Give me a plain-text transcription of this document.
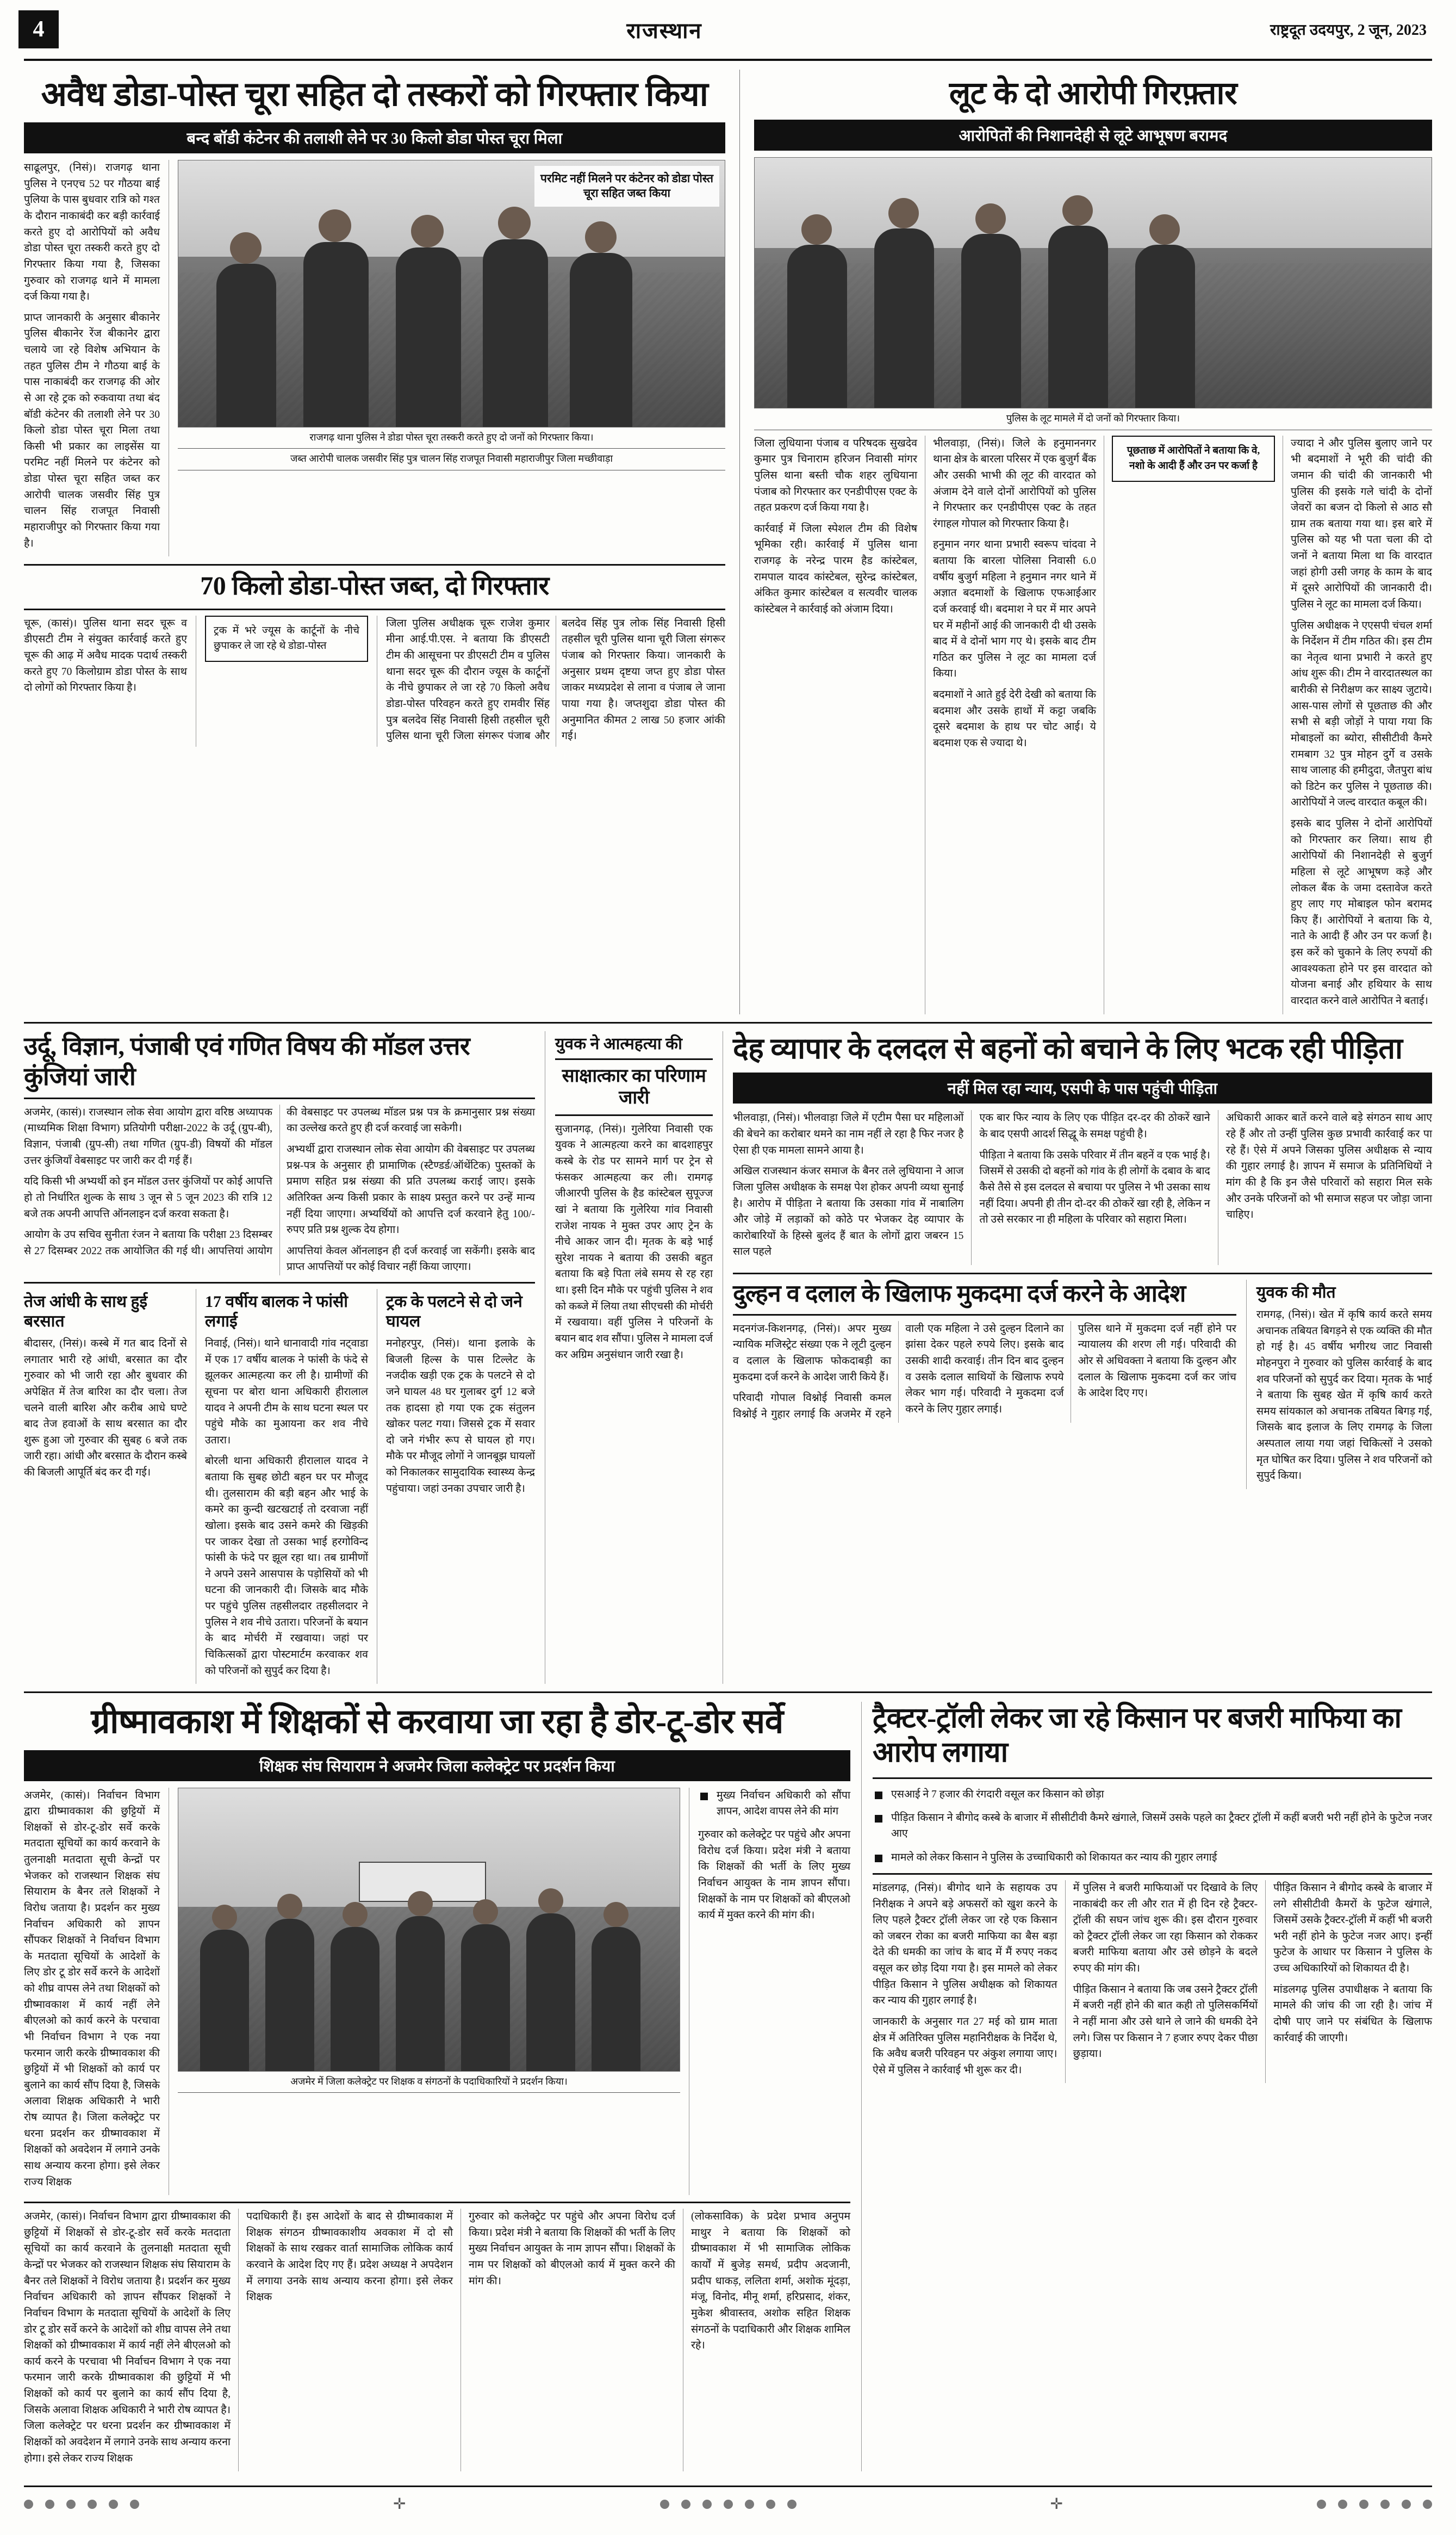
4	राजस्थान	राष्ट्रदूत उदयपुर, 2 जून, 2023
अवैध डोडा-पोस्त चूरा सहित दो तस्करों को गिरफ्तार किया
बन्द बॉडी कंटेनर की तलाशी लेने पर 30 किलो डोडा पोस्त चूरा मिला

साढूलपुर, (निसं)। राजगढ़ थाना पुलिस ने एनएच 52 पर गौठया बाई पुलिया के पास बुधवार रात्रि को गश्त के दौरान नाकाबंदी कर बड़ी कार्रवाई करते हुए दो आरोपियों को अवैध डोडा पोस्त चूरा तस्करी करते हुए दो गिरफ्तार किया गया है, जिसका गुरुवार को राजगढ़ थाने में मामला दर्ज किया गया है।

प्राप्त जानकारी के अनुसार बीकानेर पुलिस बीकानेर रेंज बीकानेर द्वारा चलाये जा रहे विशेष अभियान के तहत पुलिस टीम ने गौठया बाई के पास नाकाबंदी कर राजगढ़ की ओर से आ रहे ट्रक को रुकवाया तथा बंद बॉडी कंटेनर की तलाशी लेने पर 30 किलो डोडा पोस्त चूरा मिला तथा किसी भी प्रकार का लाइसेंस या परमिट नहीं मिलने पर कंटेनर को डोडा पोस्त चूरा सहित जब्त कर आरोपी चालक जसवीर सिंह पुत्र चालन सिंह राजपूत निवासी महाराजीपुर को गिरफ्तार किया गया है।

परमिट नहीं मिलने पर कंटेनर को डोडा पोस्त चूरा सहित जब्त किया
राजगढ़ थाना पुलिस ने डोडा पोस्त चूरा तस्करी करते हुए दो जनों को गिरफ्तार किया।
जब्त आरोपी चालक जसवीर सिंह पुत्र चालन सिंह राजपूत निवासी महाराजीपुर जिला मच्छीवाड़ा
70 किलो डोडा-पोस्त जब्त, दो गिरफ्तार

चूरू, (कासं)। पुलिस थाना सदर चूरू व डीएसटी टीम ने संयुक्त कार्रवाई करते हुए चूरू की आढ़ में अवैध मादक पदार्थ तस्करी करते हुए 70 किलोग्राम डोडा पोस्त के साथ दो लोगों को गिरफ्तार किया है।

ट्रक में भरे ज्यूस के कार्टूनों के नीचे छुपाकर ले जा रहे थे डोडा-पोस्त

जिला पुलिस अधीक्षक चूरू राजेश कुमार मीना आई.पी.एस. ने बताया कि डीएसटी टीम की आसूचना पर डीएसटी टीम व पुलिस थाना सदर चूरू की दौरान ज्यूस के कार्टूनों के नीचे छुपाकर ले जा रहे 70 किलो अवैध डोडा-पोस्त परिवहन करते हुए रामवीर सिंह पुत्र बलदेव सिंह निवासी हिसी तहसील चूरी पुलिस थाना चूरी जिला संगरूर पंजाब और बलदेव सिंह पुत्र लोक सिंह निवासी हिसी तहसील चूरी पुलिस थाना चूरी जिला संगरूर पंजाब को गिरफ्तार किया। जानकारी के अनुसार प्रथम दृष्टया जप्त हुए डोडा पोस्त जाकर मध्यप्रदेश से लाना व पंजाब ले जाना पाया गया है। जप्तशुदा डोडा पोस्त की अनुमानित कीमत 2 लाख 50 हजार आंकी गई।

लूट के दो आरोपी गिरफ़्तार
आरोपितों की निशानदेही से लूटे आभूषण बरामद
पुलिस के लूट मामले में दो जनों को गिरफ्तार किया।

जिला लुधियाना पंजाब व परिषदक सुखदेव कुमार पुत्र चिनाराम हरिजन निवासी मांगर पुलिस थाना बस्ती चौक शहर लुधियाना पंजाब को गिरफ्तार कर एनडीपीएस एक्ट के तहत प्रकरण दर्ज किया गया है।

कार्रवाई में जिला स्पेशल टीम की विशेष भूमिका रही। कार्रवाई में पुलिस थाना राजगढ़ के नरेन्द्र पारम हैड कांस्टेबल, रामपाल यादव कांस्टेबल, सुरेन्द्र कांस्टेबल, अंकित कुमार कांस्टेबल व सत्यवीर चालक कांस्टेबल ने कार्रवाई को अंजाम दिया।

भीलवाड़ा, (निसं)। जिले के हनुमाननगर थाना क्षेत्र के बारला परिसर में एक बुजुर्ग बैंक और उसकी भाभी की लूट की वारदात को अंजाम देने वाले दोनों आरोपियों को पुलिस ने गिरफ्तार कर एनडीपीएस एक्ट के तहत रंगाहल गोपाल को गिरफ्तार किया है।

हनुमान नगर थाना प्रभारी स्वरूप चांदवा ने बताया कि बारला पोलिसा निवासी 6.0 वर्षीय बुजुर्ग महिला ने हनुमान नगर थाने में अज्ञात बदमाशों के खिलाफ एफआईआर दर्ज करवाई थी। बदमाश ने घर में मार अपने घर में महीनों आई की जानकारी दी थी उसके बाद में वे दोनों भाग गए थे। इसके बाद टीम गठित कर पुलिस ने लूट का मामला दर्ज किया।

बदमाशों ने आते हुई देरी देखी को बताया कि बदमाश और उसके हाथों में कट्टा जबकि दूसरे बदमाश के हाथ पर चोट आई। ये बदमाश एक से ज्यादा थे।

पूछताछ में आरोपितों ने बताया कि वे, नशो के आदी हैं और उन पर कर्जा है

ज्यादा ने और पुलिस बुलाए जाने पर भी बदमाशों ने भूरी की चांदी की जमान की चांदी की जानकारी भी पुलिस की इसके गले चांदी के दोनों जेवरों का बजन दो किलो से आठ सौ ग्राम तक बताया गया था। इस बारे में पुलिस को यह भी पता चला की दो जनों ने बताया मिला था कि वारदात जहां होगी उसी जगह के काम के बाद में दूसरे आरोपियों की जानकारी दी। पुलिस ने लूट का मामला दर्ज किया।

पुलिस अधीक्षक ने एएसपी चंचल शर्मा के निर्देशन में टीम गठित की। इस टीम का नेतृत्व थाना प्रभारी ने करते हुए आंध शुरू की। टीम ने वारदातस्थल का बारीकी से निरीक्षण कर साक्ष्य जुटाये। आस-पास लोगों से पूछताछ की और सभी से बड़ी जोड़ों ने पाया गया कि मोबाइलों का ब्योरा, सीसीटीवी कैमरे रामबाग 32 पुत्र मोहन दुर्गे व उसके साथ जालाह की हमीदुदा, जैतपुरा बांध को डिटेन कर पुलिस ने पूछताछ की। आरोपियों ने जल्द वारदात कबूल की।

इसके बाद पुलिस ने दोनों आरोपियों को गिरफ्तार कर लिया। साथ ही आरोपियों की निशानदेही से बुजुर्ग महिला से लूटे आभूषण कड़े और लोकल बैंक के जमा दस्तावेज करते हुए लाए गए मोबाइल फोन बरामद किए हैं। आरोपियों ने बताया कि ये, नाते के आदी हैं और उन पर कर्जा है। इस करें को चुकाने के लिए रुपयों की आवश्यकता होने पर इस वारदात को योजना बनाई और हथियार के साथ वारदात करने वाले आरोपित ने बताई।

उर्दू, विज्ञान, पंजाबी एवं गणित विषय की मॉडल उत्तर कुंजियां जारी

अजमेर, (कासं)। राजस्थान लोक सेवा आयोग द्वारा वरिष्ठ अध्यापक (माध्यमिक शिक्षा विभाग) प्रतियोगी परीक्षा-2022 के उर्दू (ग्रुप-बी), विज्ञान, पंजाबी (ग्रुप-सी) तथा गणित (ग्रुप-डी) विषयों की मॉडल उत्तर कुंजियाँ वेबसाइट पर जारी कर दी गई हैं।

यदि किसी भी अभ्यर्थी को इन मॉडल उत्तर कुंजियों पर कोई आपत्ति हो तो निर्धारित शुल्क के साथ 3 जून से 5 जून 2023 की रात्रि 12 बजे तक अपनी आपत्ति ऑनलाइन दर्ज करवा सकता है।

आयोग के उप सचिव सुनीता रंजन ने बताया कि परीक्षा 23 दिसम्बर से 27 दिसम्बर 2022 तक आयोजित की गई थी। आपत्तियां आयोग की वेबसाइट पर उपलब्ध मॉडल प्रश्न पत्र के क्रमानुसार प्रश्न संख्या का उल्लेख करते हुए ही दर्ज करवाई जा सकेगी।

अभ्यर्थी द्वारा राजस्थान लोक सेवा आयोग की वेबसाइट पर उपलब्ध प्रश्न-पत्र के अनुसार ही प्रामाणिक (स्टैण्डर्ड/ऑथेंटिक) पुस्तकों के प्रमाण सहित प्रश्न संख्या की प्रति उपलब्ध कराई जाए। इसके अतिरिक्त अन्य किसी प्रकार के साक्ष्य प्रस्तुत करने पर उन्हें मान्य नहीं दिया जाएगा। अभ्यर्थियों को आपत्ति दर्ज करवाने हेतु 100/- रुपए प्रति प्रश्न शुल्क देय होगा।

आपत्तियां केवल ऑनलाइन ही दर्ज करवाई जा सकेंगी। इसके बाद प्राप्त आपत्तियों पर कोई विचार नहीं किया जाएगा।

तेज आंधी के साथ हुई बरसात

बीदासर, (निसं)। कस्बे में गत बाद दिनों से लगातार भारी रहे आंधी, बरसात का दौर गुरुवार को भी जारी रहा और बुधवार की अपेक्षित में तेज बारिश का दौर चला। तेज चलने वाली बारिश और करीब आधे घण्टे बाद तेज हवाओं के साथ बरसात का दौर शुरू हुआ जो गुरुवार की सुबह 6 बजे तक जारी रहा। आंधी और बरसात के दौरान कस्बे की बिजली आपूर्ति बंद कर दी गई।

17 वर्षीय बालक ने फांसी लगाई

निवाई, (निसं)। थाने धानावादी गांव नट्वाडा में एक 17 वर्षीय बालक ने फांसी के फंदे से झूलकर आत्महत्या कर ली है। ग्रामीणों की सूचना पर बोरा थाना अधिकारी हीरालाल यादव ने अपनी टीम के साथ घटना स्थल पर पहुंचे मौके का मुआयना कर शव नीचे उतारा।

बोरली थाना अधिकारी हीरालाल यादव ने बताया कि सुबह छोटी बहन घर पर मौजूद थी। तुलसाराम की बड़ी बहन और भाई के कमरे का कुन्दी खटखटाई तो दरवाजा नहीं खोला। इसके बाद उसने कमरे की खिड़की पर जाकर देखा तो उसका भाई हरगोविन्द फांसी के फंदे पर झूल रहा था। तब ग्रामीणों ने अपने उसने आसपास के पड़ोसियों को भी घटना की जानकारी दी। जिसके बाद मौके पर पहुंचे पुलिस तहसीलदार तहसीलदार ने पुलिस ने शव नीचे उतारा। परिजनों के बयान के बाद मोर्चरी में रखवाया। जहां पर चिकित्सकों द्वारा पोस्टमार्टम करवाकर शव को परिजनों को सुपुर्द कर दिया है।

ट्रक के पलटने से दो जने घायल

मनोहरपुर, (निसं)। थाना इलाके के बिजली हिल्स के पास टिल्लेट के नजदीक खड़ी एक ट्रक के पलटने से दो जने घायल 48 घर गुलाबर दुर्ग 12 बजे तक हादसा हो गया एक ट्रक संतुलन खोकर पलट गया। जिससे ट्रक में सवार दो जने गंभीर रूप से घायल हो गए। मौके पर मौजूद लोगों ने जानबूझ घायलों को निकालकर सामुदायिक स्वास्थ्य केन्द्र पहुंचाया। जहां उनका उपचार जारी है।

युवक ने आत्महत्या की
साक्षात्कार का परिणाम जारी

सुजानगढ़, (निसं)। गुलेरिया निवासी एक युवक ने आत्महत्या करने का बादशाहपुर कस्बे के रोड पर सामने मार्ग पर ट्रेन से फंसकर आत्महत्या कर ली। रामगढ़ जीआरपी पुलिस के हैड कांस्टेबल सुपूज्ज खां ने बताया कि गुलेरिया गांव निवासी राजेश नायक ने मुक्त उपर आए ट्रेन के नीचे आकर जान दी। मृतक के बड़े भाई सुरेश नायक ने बताया की उसकी बहुत बताया कि बड़े पिता लंबे समय से रह रहा था। इसी दिन मौके पर पहुंची पुलिस ने शव को कब्जे में लिया तथा सीएचसी की मोर्चरी में रखवाया। वहीं पुलिस ने परिजनों के बयान बाद शव सौंपा। पुलिस ने मामला दर्ज कर अग्रिम अनुसंधान जारी रखा है।

देह व्यापार के दलदल से बहनों को बचाने के लिए भटक रही पीड़िता
नहीं मिल रहा न्याय, एसपी के पास पहुंची पीड़िता

भीलवाड़ा, (निसं)। भीलवाड़ा जिले में एटीम पैसा घर महिलाओं की बेचने का करोबार थमने का नाम नहीं ले रहा है फिर नजर है ऐसा ही एक मामला सामने आया है।

अखिल राजस्थान कंजर समाज के बैनर तले लुधियाना ने आज जिला पुलिस अधीक्षक के समक्ष पेश होकर अपनी व्यथा सुनाई है। आरोप में पीड़िता ने बताया कि उसकाा गांव में नाबालिग और जोड़े में लड़ाकों को कोठे पर भेजकर देह व्यापार के कारोबारियों के हिस्से बुलंद हैं बात के लोगों द्वारा जबरन 15 साल पहले

एक बार फिर न्याय के लिए एक पीड़ित दर-दर की ठोकरें खाने के बाद एसपी आदर्श सिद्धू के समक्ष पहुंची है।

पीड़िता ने बताया कि उसके परिवार में तीन बहनें व एक भाई है। जिसमें से उसकी दो बहनों को गांव के ही लोगों के दबाव के बाद कैसे तैसे से इस दलदल से बचाया पर पुलिस ने भी उसका साथ नहीं दिया। अपनी ही तीन दो-दर की ठोकरें खा रही है, लेकिन न तो उसे सरकार ना ही महिला के परिवार को सहारा मिला।

अधिकारी आकर बातें करने वाले बड़े संगठन साथ आए रहे हैं और तो उन्हीं पुलिस कुछ प्रभावी कार्रवाई कर पा रहे हैं। ऐसे में अपने जिसका पुलिस अधीक्षक से न्याय की गुहार लगाई है। ज्ञापन में समाज के प्रतिनिधियों ने मांग की है कि इन जैसे परिवारों को सहारा मिल सके और उनके परिजनों को भी समाज सहज पर जोड़ा जाना चाहिए।

दुल्हन व दलाल के खिलाफ मुकदमा दर्ज करने के आदेश

मदनगंज-किशनगढ़, (निसं)। अपर मुख्य न्यायिक मजिस्ट्रेट संख्या एक ने लूटी दुल्हन व दलाल के खिलाफ फोकदाबड़ी का मुकदमा दर्ज करने के आदेश जारी किये हैं।

परिवादी गोपाल विश्नोई निवासी कमल विश्नोई ने गुहार लगाई कि अजमेर में रहने वाली एक महिला ने उसे दुल्हन दिलाने का झांसा देकर पहले रुपये लिए। इसके बाद उसकी शादी करवाई। तीन दिन बाद दुल्हन व उसके दलाल साथियों के खिलाफ रुपये लेकर भाग गई। परिवादी ने मुकदमा दर्ज करने के लिए गुहार लगाई।

पुलिस थाने में मुकदमा दर्ज नहीं होने पर न्यायालय की शरण ली गई। परिवादी की ओर से अधिवक्ता ने बताया कि दुल्हन और दलाल के खिलाफ मुकदमा दर्ज कर जांच के आदेश दिए गए।

युवक की मौत

रामगढ़, (निसं)। खेत में कृषि कार्य करते समय अचानक तबियत बिगड़ने से एक व्यक्ति की मौत हो गई है। 45 वर्षीय भगीरथ जाट निवासी मोहनपुरा ने गुरुवार को पुलिस कार्रवाई के बाद शव परिजनों को सुपुर्द कर दिया। मृतक के भाई ने बताया कि सुबह खेत में कृषि कार्य करते समय सांयकाल को अचानक तबियत बिगड़ गई, जिसके बाद इलाज के लिए रामगढ़ के जिला अस्पताल लाया गया जहां चिकित्सों ने उसको मृत घोषित कर दिया। पुलिस ने शव परिजनों को सुपुर्द किया।

ग्रीष्मावकाश में शिक्षकों से करवाया जा रहा है डोर-टू-डोर सर्वे
शिक्षक संघ सियाराम ने अजमेर जिला कलेक्ट्रेट पर प्रदर्शन किया

अजमेर, (कासं)। निर्वाचन विभाग द्वारा ग्रीष्मावकाश की छुट्टियों में शिक्षकों से डोर-टू-डोर सर्वे करके मतदाता सूचियों का कार्य करवाने के तुलनाक्षी मतदाता सूची केन्द्रों पर भेजकर को राजस्थान शिक्षक संघ सियाराम के बैनर तले शिक्षकों ने विरोध जताया है। प्रदर्शन कर मुख्य निर्वाचन अधिकारी को ज्ञापन सौंपकर शिक्षकों ने निर्वाचन विभाग के मतदाता सूचियों के आदेशों के लिए डोर टू डोर सर्वे करने के आदेशों को शीघ्र वापस लेने तथा शिक्षकों को ग्रीष्मावकाश में कार्य नहीं लेने बीएलओ को कार्य करने के परचावा भी निर्वाचन विभाग ने एक नया फरमान जारी करके ग्रीष्मावकाश की छुट्टियों में भी शिक्षकों को कार्य पर बुलाने का कार्य सौंप दिया है, जिसके अलावा शिक्षक अधिकारी ने भारी रोष व्यापत है। जिला कलेक्ट्रेट पर धरना प्रदर्शन कर ग्रीष्मावकाश में शिक्षकों को अवदेशन में लगाने उनके साथ अन्याय करना होगा। इसे लेकर राज्य शिक्षक

अजमेर में जिला कलेक्ट्रेट पर शिक्षक व संगठनों के पदाधिकारियों ने प्रदर्शन किया।
मुख्य निर्वाचन अधिकारी को सौंपा ज्ञापन, आदेश वापस लेने की मांग

गुरुवार को कलेक्ट्रेट पर पहुंचे और अपना विरोध दर्ज किया। प्रदेश मंत्री ने बताया कि शिक्षकों की भर्ती के लिए मुख्य निर्वाचन आयुक्त के नाम ज्ञापन सौंपा। शिक्षकों के नाम पर शिक्षकों को बीएलओ कार्य में मुक्त करने की मांग की।

अजमेर, (कासं)। निर्वाचन विभाग द्वारा ग्रीष्मावकाश की छुट्टियों में शिक्षकों से डोर-टू-डोर सर्वे करके मतदाता सूचियों का कार्य करवाने के तुलनाक्षी मतदाता सूची केन्द्रों पर भेजकर को राजस्थान शिक्षक संघ सियाराम के बैनर तले शिक्षकों ने विरोध जताया है। प्रदर्शन कर मुख्य निर्वाचन अधिकारी को ज्ञापन सौंपकर शिक्षकों ने निर्वाचन विभाग के मतदाता सूचियों के आदेशों के लिए डोर टू डोर सर्वे करने के आदेशों को शीघ्र वापस लेने तथा शिक्षकों को ग्रीष्मावकाश में कार्य नहीं लेने बीएलओ को कार्य करने के परचावा भी निर्वाचन विभाग ने एक नया फरमान जारी करके ग्रीष्मावकाश की छुट्टियों में भी शिक्षकों को कार्य पर बुलाने का कार्य सौंप दिया है, जिसके अलावा शिक्षक अधिकारी ने भारी रोष व्यापत है। जिला कलेक्ट्रेट पर धरना प्रदर्शन कर ग्रीष्मावकाश में शिक्षकों को अवदेशन में लगाने उनके साथ अन्याय करना होगा। इसे लेकर राज्य शिक्षक

पदाधिकारी हैं। इस आदेशों के बाद से ग्रीष्मावकाश में शिक्षक संगठन ग्रीष्मावकाशीय अवकाश में दो सौ शिक्षकों के साथ रखकर वार्ता सामाजिक लोकिक कार्य करवाने के आदेश दिए गए हैं। प्रदेश अध्यक्ष ने अपदेशन में लगाया उनके साथ अन्याय करना होगा। इसे लेकर शिक्षक

गुरुवार को कलेक्ट्रेट पर पहुंचे और अपना विरोध दर्ज किया। प्रदेश मंत्री ने बताया कि शिक्षकों की भर्ती के लिए मुख्य निर्वाचन आयुक्त के नाम ज्ञापन सौंपा। शिक्षकों के नाम पर शिक्षकों को बीएलओ कार्य में मुक्त करने की मांग की।

(लोकसाविक) के प्रदेश प्रभाव अनुपम माथुर ने बताया कि शिक्षकों को ग्रीष्मावकाश में भी सामाजिक लोकिक कार्यों में बुजेड़ समर्थ, प्रदीप अदजानी, प्रदीप धाकड़, ललिता शर्मा, अशोक मूंदड़ा, मंजू, विनोद, मीनू शर्मा, हरिप्रसाद, शंकर, मुकेश श्रीवास्तव, अशोक सहित शिक्षक संगठनों के पदाधिकारी और शिक्षक शामिल रहे।

ट्रैक्टर-ट्रॉली लेकर जा रहे किसान पर बजरी माफिया का आरोप लगाया
एसआई ने 7 हजार की रंगदारी वसूल कर किसान को छोड़ा
पीड़ित किसान ने बीगोद कस्बे के बाजार में सीसीटीवी कैमरे खंगाले, जिसमें उसके पहले का ट्रैक्टर ट्रॉली में कहीं बजरी भरी नहीं होने के फुटेज नजर आए
मामले को लेकर किसान ने पुलिस के उच्चाधिकारी को शिकायत कर न्याय की गुहार लगाई

मांडलगढ़, (निसं)। बीगोद थाने के सहायक उप निरीक्षक ने अपने बड़े अफसरों को खुश करने के लिए पहले ट्रैक्टर ट्रॉली लेकर जा रहे एक किसान को जबरन रोका का बजरी माफिया का बैस बड़ा देते की धमकी का जांच के बाद में मैं रुपए नकद वसूल कर छोड़ दिया गया है। इस मामले को लेकर पीड़ित किसान ने पुलिस अधीक्षक को शिकायत कर न्याय की गुहार लगाई है।

जानकारी के अनुसार गत 27 मई को ग्राम माता क्षेत्र में अतिरिक्त पुलिस महानिरीक्षक के निर्देश थे, कि अवैध बजरी परिवहन पर अंकुश लगाया जाए। ऐसे में पुलिस ने कार्रवाई भी शुरू कर दी।

में पुलिस ने बजरी माफियाओं पर दिखावे के लिए नाकाबंदी कर ली और रात में ही दिन रहे ट्रैक्टर-ट्रॉली की सघन जांच शुरू की। इस दौरान गुरुवार को ट्रैक्टर ट्रॉली लेकर जा रहा किसान को रोककर बजरी माफिया बताया और उसे छोड़ने के बदले रुपए की मांग की।

पीड़ित किसान ने बताया कि जब उसने ट्रैक्टर ट्रॉली में बजरी नहीं होने की बात कही तो पुलिसकर्मियों ने नहीं माना और उसे थाने ले जाने की धमकी देने लगे। जिस पर किसान ने 7 हजार रुपए देकर पीछा छुड़ाया।

पीड़ित किसान ने बीगोद कस्बे के बाजार में लगे सीसीटीवी कैमरों के फुटेज खंगाले, जिसमें उसके ट्रैक्टर-ट्रॉली में कहीं भी बजरी भरी नहीं होने के फुटेज नजर आए। इन्हीं फुटेज के आधार पर किसान ने पुलिस के उच्च अधिकारियों को शिकायत दी है।

मांडलगढ़ पुलिस उपाधीक्षक ने बताया कि मामले की जांच की जा रही है। जांच में दोषी पाए जाने पर संबंधित के खिलाफ कार्रवाई की जाएगी।

✛	✛
